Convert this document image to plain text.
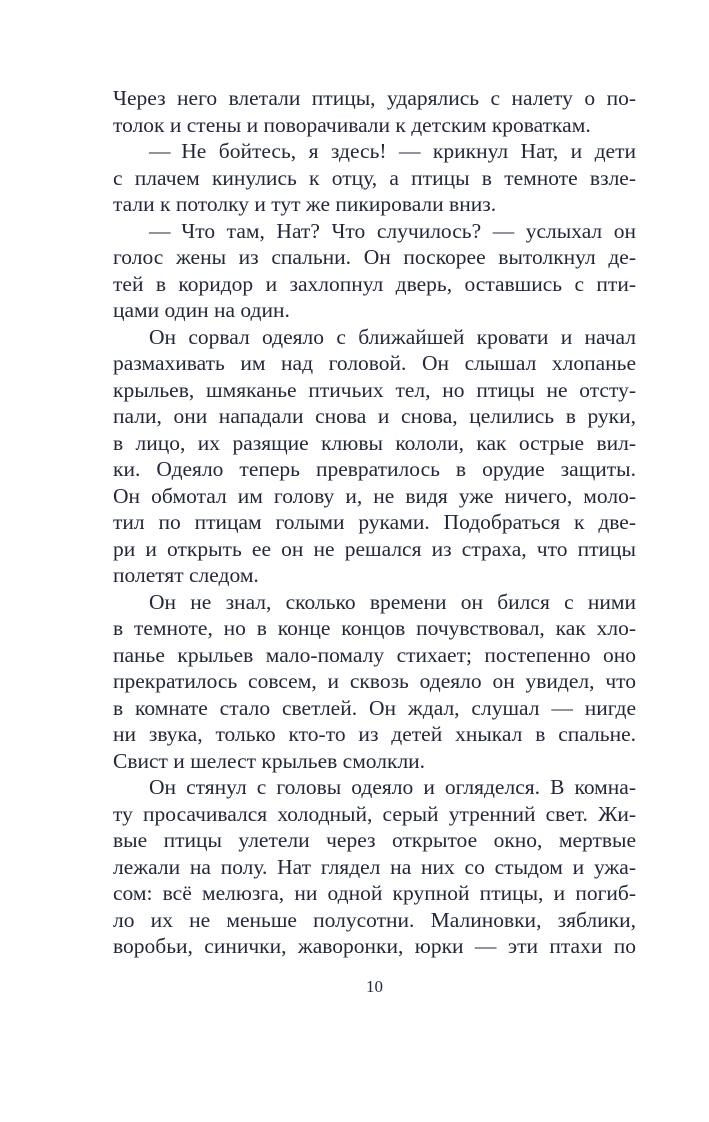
Через него влетали птицы, ударялись с налету о по-
толок и стены и поворачивали к детским кроваткам.
— Не бойтесь, я здесь! — крикнул Нат, и дети
с плачем кинулись к отцу, а птицы в темноте взле-
тали к потолку и тут же пикировали вниз.
— Что там, Нат? Что случилось? — услыхал он
голос жены из спальни. Он поскорее вытолкнул де-
тей в коридор и захлопнул дверь, оставшись с пти-
цами один на один.
Он сорвал одеяло с ближайшей кровати и начал
размахивать им над головой. Он слышал хлопанье
крыльев, шмяканье птичьих тел, но птицы не отсту-
пали, они нападали снова и снова, целились в руки,
в лицо, их разящие клювы кололи, как острые вил-
ки. Одеяло теперь превратилось в орудие защиты.
Он обмотал им голову и, не видя уже ничего, моло-
тил по птицам голыми руками. Подобраться к две-
ри и открыть ее он не решался из страха, что птицы
полетят следом.
Он не знал, сколько времени он бился с ними
в темноте, но в конце концов почувствовал, как хло-
панье крыльев мало-помалу стихает; постепенно оно
прекратилось совсем, и сквозь одеяло он увидел, что
в комнате стало светлей. Он ждал, слушал — нигде
ни звука, только кто-то из детей хныкал в спальне.
Свист и шелест крыльев смолкли.
Он стянул с головы одеяло и огляделся. В комна-
ту просачивался холодный, серый утренний свет. Жи-
вые птицы улетели через открытое окно, мертвые
лежали на полу. Нат глядел на них со стыдом и ужа-
сом: всё мелюзга, ни одной крупной птицы, и погиб-
ло их не меньше полусотни. Малиновки, зяблики,
воробьи, синички, жаворонки, юрки — эти птахи по
10
